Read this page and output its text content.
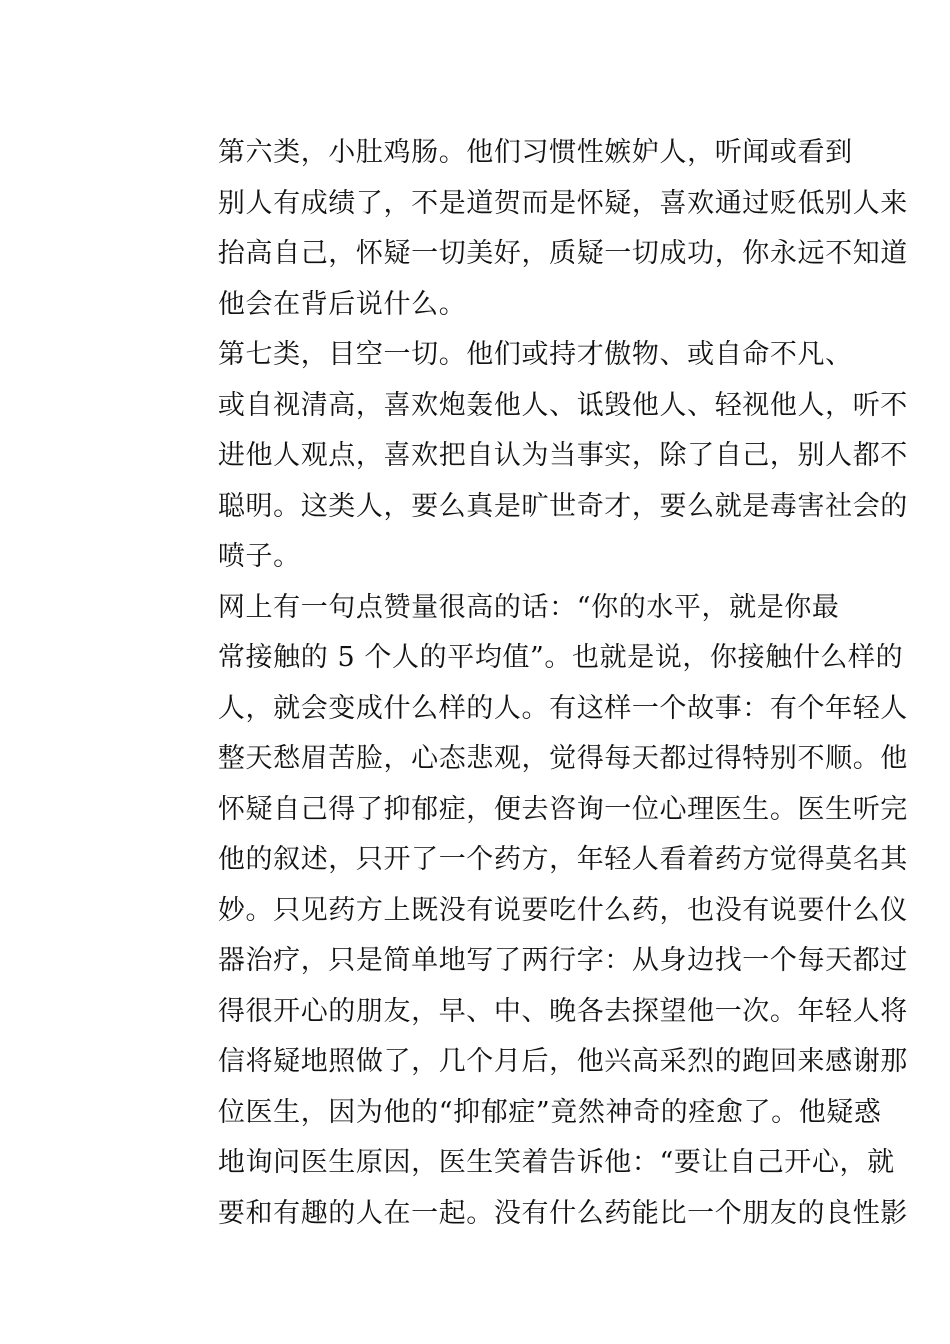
第六类，小肚鸡肠。他们习惯性嫉妒人，听闻或看到
别人有成绩了，不是道贺而是怀疑，喜欢通过贬低别人来
抬高自己，怀疑一切美好，质疑一切成功，你永远不知道
他会在背后说什么。

第七类，目空一切。他们或持才傲物、或自命不凡、
或自视清高，喜欢炮轰他人、诋毁他人、轻视他人，听不
进他人观点，喜欢把自认为当事实，除了自己，别人都不
聪明。这类人，要么真是旷世奇才，要么就是毒害社会的
喷子。

网上有一句点赞量很高的话：“你的水平，就是你最
常接触的 5 个人的平均值”。也就是说，你接触什么样的
人，就会变成什么样的人。有这样一个故事：有个年轻人
整天愁眉苦脸，心态悲观，觉得每天都过得特别不顺。他
怀疑自己得了抑郁症，便去咨询一位心理医生。医生听完
他的叙述，只开了一个药方，年轻人看着药方觉得莫名其
妙。只见药方上既没有说要吃什么药，也没有说要什么仪
器治疗，只是简单地写了两行字：从身边找一个每天都过
得很开心的朋友，早、中、晚各去探望他一次。年轻人将
信将疑地照做了，几个月后，他兴高采烈的跑回来感谢那
位医生，因为他的“抑郁症”竟然神奇的痊愈了。他疑惑
地询问医生原因，医生笑着告诉他：“要让自己开心，就
要和有趣的人在一起。没有什么药能比一个朋友的良性影
